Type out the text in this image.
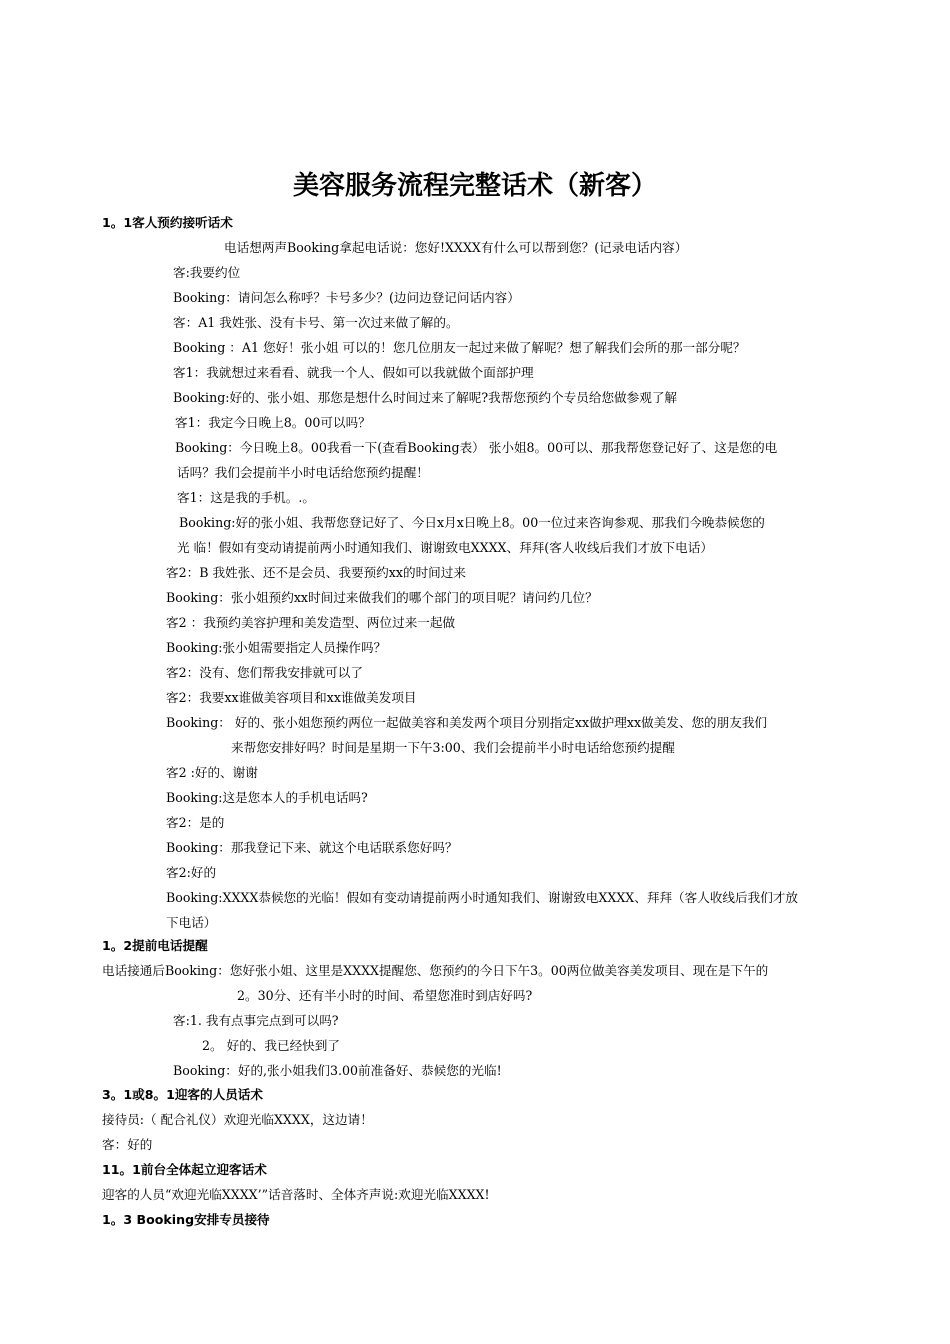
美容服务流程完整话术（新客）
1。1客人预约接听话术
电话想两声Booking拿起电话说：您好!XXXX有什么可以帮到您？(记录电话内容）
客:我要约位
Booking：请问怎么称呼？卡号多少？(边问边登记问话内容）
客：A1 我姓张、没有卡号、第一次过来做了解的。
Booking ：A1 您好！张小姐 可以的！您几位朋友一起过来做了解呢？想了解我们会所的那一部分呢？
客1：我就想过来看看、就我一个人、假如可以我就做个面部护理
Booking:好的、张小姐、那您是想什么时间过来了解呢?我帮您预约个专员给您做参观了解
客1：我定今日晚上8。00可以吗？
Booking：今日晚上8。00我看一下(查看Booking表） 张小姐8。00可以、那我帮您登记好了、这是您的电
话吗？我们会提前半小时电话给您预约提醒！
客1：这是我的手机。.。
Booking:好的张小姐、我帮您登记好了、今日x月x日晚上8。00一位过来咨询参观、那我们今晚恭候您的
光 临！假如有变动请提前两小时通知我们、谢谢致电XXXX、拜拜(客人收线后我们才放下电话）
客2：B 我姓张、还不是会员、我要预约xx的时间过来
Booking：张小姐预约xx时间过来做我们的哪个部门的项目呢？请问约几位？
客2 ：我预约美容护理和美发造型、两位过来一起做
Booking:张小姐需要指定人员操作吗？
客2：没有、您们帮我安排就可以了
客2：我要xx谁做美容项目和xx谁做美发项目
Booking： 好的、张小姐您预约两位一起做美容和美发两个项目分别指定xx做护理xx做美发、您的朋友我们
来帮您安排好吗？时间是星期一下午3:00、我们会提前半小时电话给您预约提醒
客2 :好的、谢谢
Booking:这是您本人的手机电话吗?
客2：是的
Booking：那我登记下来、就这个电话联系您好吗？
客2:好的
Booking:XXXX恭候您的光临！假如有变动请提前两小时通知我们、谢谢致电XXXX、拜拜（客人收线后我们才放
下电话）
1。2提前电话提醒
电话接通后Booking：您好张小姐、这里是XXXX提醒您、您预约的今日下午3。00两位做美容美发项目、现在是下午的
2。30分、还有半小时的时间、希望您准时到店好吗?
客:1. 我有点事完点到可以吗?
2。 好的、我已经快到了
Booking：好的,张小姐我们3.00前准备好、恭候您的光临!
3。1或8。1迎客的人员话术
接待员:（ 配合礼仪）欢迎光临XXXX，这边请！
客：好的
11。1前台全体起立迎客话术
迎客的人员“欢迎光临XXXX’”话音落时、全体齐声说:欢迎光临XXXX!
1。3 Booking安排专员接待
